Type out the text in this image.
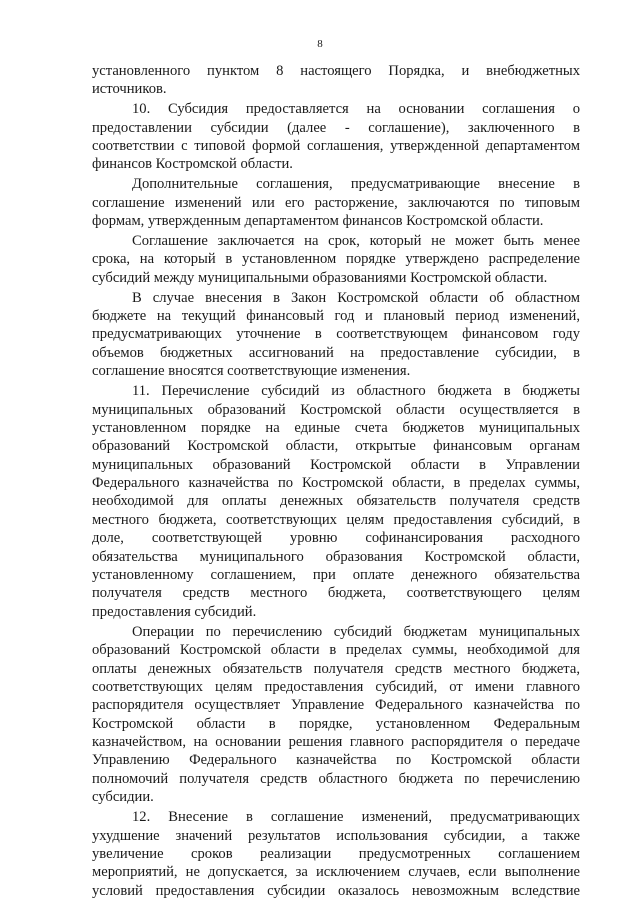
8
установленного пунктом 8 настоящего Порядка, и внебюджетных
источников.
10. Субсидия предоставляется на основании соглашения о
предоставлении субсидии (далее - соглашение), заключенного в
соответствии с типовой формой соглашения, утвержденной департаментом
финансов Костромской области.
Дополнительные соглашения, предусматривающие внесение в
соглашение изменений или его расторжение, заключаются по типовым
формам, утвержденным департаментом финансов Костромской области.
Соглашение заключается на срок, который не может быть менее
срока, на который в установленном порядке утверждено распределение
субсидий между муниципальными образованиями Костромской области.
В случае внесения в Закон Костромской области об областном
бюджете на текущий финансовый год и плановый период изменений,
предусматривающих уточнение в соответствующем финансовом году
объемов бюджетных ассигнований на предоставление субсидии, в
соглашение вносятся соответствующие изменения.
11. Перечисление субсидий из областного бюджета в бюджеты
муниципальных образований Костромской области осуществляется в
установленном порядке на единые счета бюджетов муниципальных
образований Костромской области, открытые финансовым органам
муниципальных образований Костромской области в Управлении
Федерального казначейства по Костромской области, в пределах суммы,
необходимой для оплаты денежных обязательств получателя средств
местного бюджета, соответствующих целям предоставления субсидий, в
доле, соответствующей уровню софинансирования расходного
обязательства муниципального образования Костромской области,
установленному соглашением, при оплате денежного обязательства
получателя средств местного бюджета, соответствующего целям
предоставления субсидий.
Операции по перечислению субсидий бюджетам муниципальных
образований Костромской области в пределах суммы, необходимой для
оплаты денежных обязательств получателя средств местного бюджета,
соответствующих целям предоставления субсидий, от имени главного
распорядителя осуществляет Управление Федерального казначейства по
Костромской области в порядке, установленном Федеральным
казначейством, на основании решения главного распорядителя о передаче
Управлению Федерального казначейства по Костромской области
полномочий получателя средств областного бюджета по перечислению
субсидии.
12. Внесение в соглашение изменений, предусматривающих
ухудшение значений результатов использования субсидии, а также
увеличение сроков реализации предусмотренных соглашением
мероприятий, не допускается, за исключением случаев, если выполнение
условий предоставления субсидии оказалось невозможным вследствие
